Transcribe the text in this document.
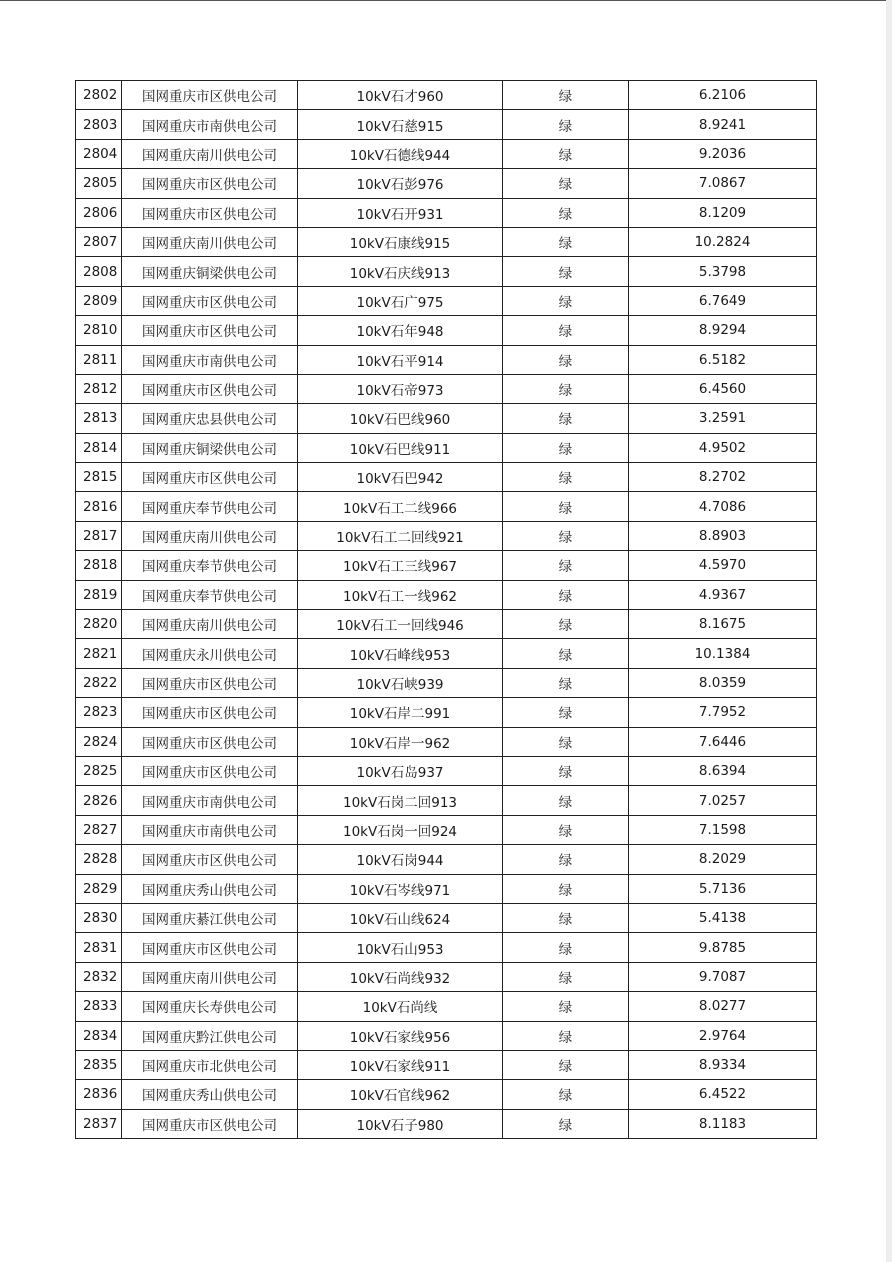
2802	国网重庆市区供电公司	10kV石才960	绿	6.2106
2803	国网重庆市南供电公司	10kV石慈915	绿	8.9241
2804	国网重庆南川供电公司	10kV石德线944	绿	9.2036
2805	国网重庆市区供电公司	10kV石彭976	绿	7.0867
2806	国网重庆市区供电公司	10kV石开931	绿	8.1209
2807	国网重庆南川供电公司	10kV石康线915	绿	10.2824
2808	国网重庆铜梁供电公司	10kV石庆线913	绿	5.3798
2809	国网重庆市区供电公司	10kV石广975	绿	6.7649
2810	国网重庆市区供电公司	10kV石年948	绿	8.9294
2811	国网重庆市南供电公司	10kV石平914	绿	6.5182
2812	国网重庆市区供电公司	10kV石帝973	绿	6.4560
2813	国网重庆忠县供电公司	10kV石巴线960	绿	3.2591
2814	国网重庆铜梁供电公司	10kV石巴线911	绿	4.9502
2815	国网重庆市区供电公司	10kV石巴942	绿	8.2702
2816	国网重庆奉节供电公司	10kV石工二线966	绿	4.7086
2817	国网重庆南川供电公司	10kV石工二回线921	绿	8.8903
2818	国网重庆奉节供电公司	10kV石工三线967	绿	4.5970
2819	国网重庆奉节供电公司	10kV石工一线962	绿	4.9367
2820	国网重庆南川供电公司	10kV石工一回线946	绿	8.1675
2821	国网重庆永川供电公司	10kV石峰线953	绿	10.1384
2822	国网重庆市区供电公司	10kV石峡939	绿	8.0359
2823	国网重庆市区供电公司	10kV石岸二991	绿	7.7952
2824	国网重庆市区供电公司	10kV石岸一962	绿	7.6446
2825	国网重庆市区供电公司	10kV石岛937	绿	8.6394
2826	国网重庆市南供电公司	10kV石岗二回913	绿	7.0257
2827	国网重庆市南供电公司	10kV石岗一回924	绿	7.1598
2828	国网重庆市区供电公司	10kV石岗944	绿	8.2029
2829	国网重庆秀山供电公司	10kV石岑线971	绿	5.7136
2830	国网重庆綦江供电公司	10kV石山线624	绿	5.4138
2831	国网重庆市区供电公司	10kV石山953	绿	9.8785
2832	国网重庆南川供电公司	10kV石尚线932	绿	9.7087
2833	国网重庆长寿供电公司	10kV石尚线	绿	8.0277
2834	国网重庆黔江供电公司	10kV石家线956	绿	2.9764
2835	国网重庆市北供电公司	10kV石家线911	绿	8.9334
2836	国网重庆秀山供电公司	10kV石官线962	绿	6.4522
2837	国网重庆市区供电公司	10kV石子980	绿	8.1183
